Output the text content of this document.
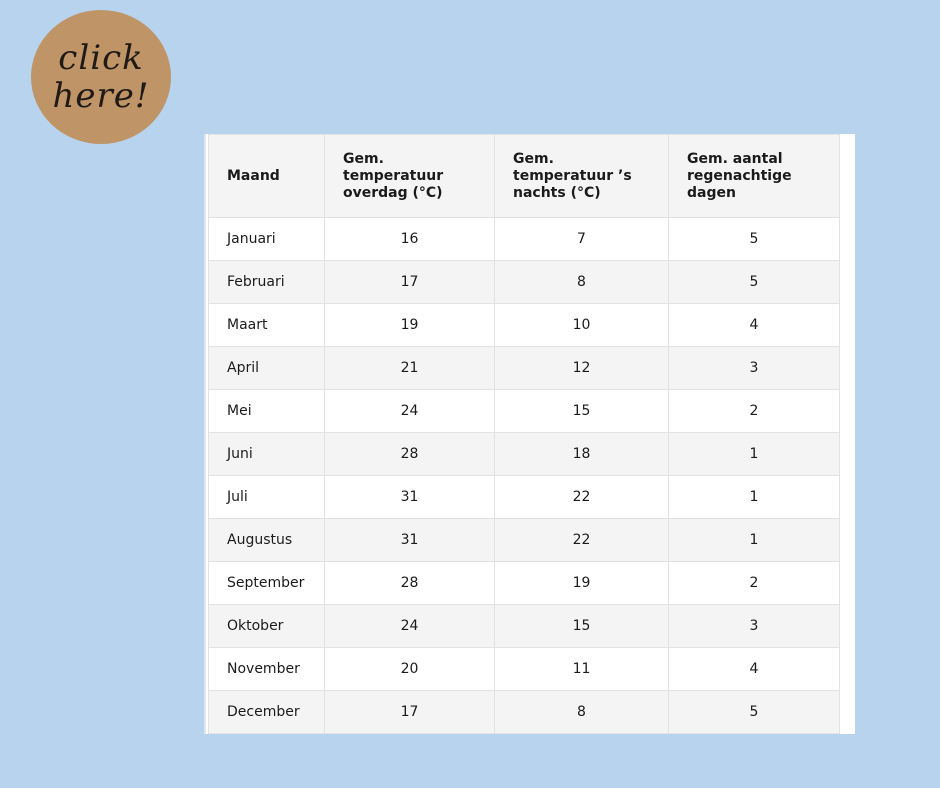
click
here!
Maand	Gem. temperatuur overdag (°C)	Gem. temperatuur ’s nachts (°C)	Gem. aantal regenachtige dagen
Januari	16	7	5
Februari	17	8	5
Maart	19	10	4
April	21	12	3
Mei	24	15	2
Juni	28	18	1
Juli	31	22	1
Augustus	31	22	1
September	28	19	2
Oktober	24	15	3
November	20	11	4
December	17	8	5
